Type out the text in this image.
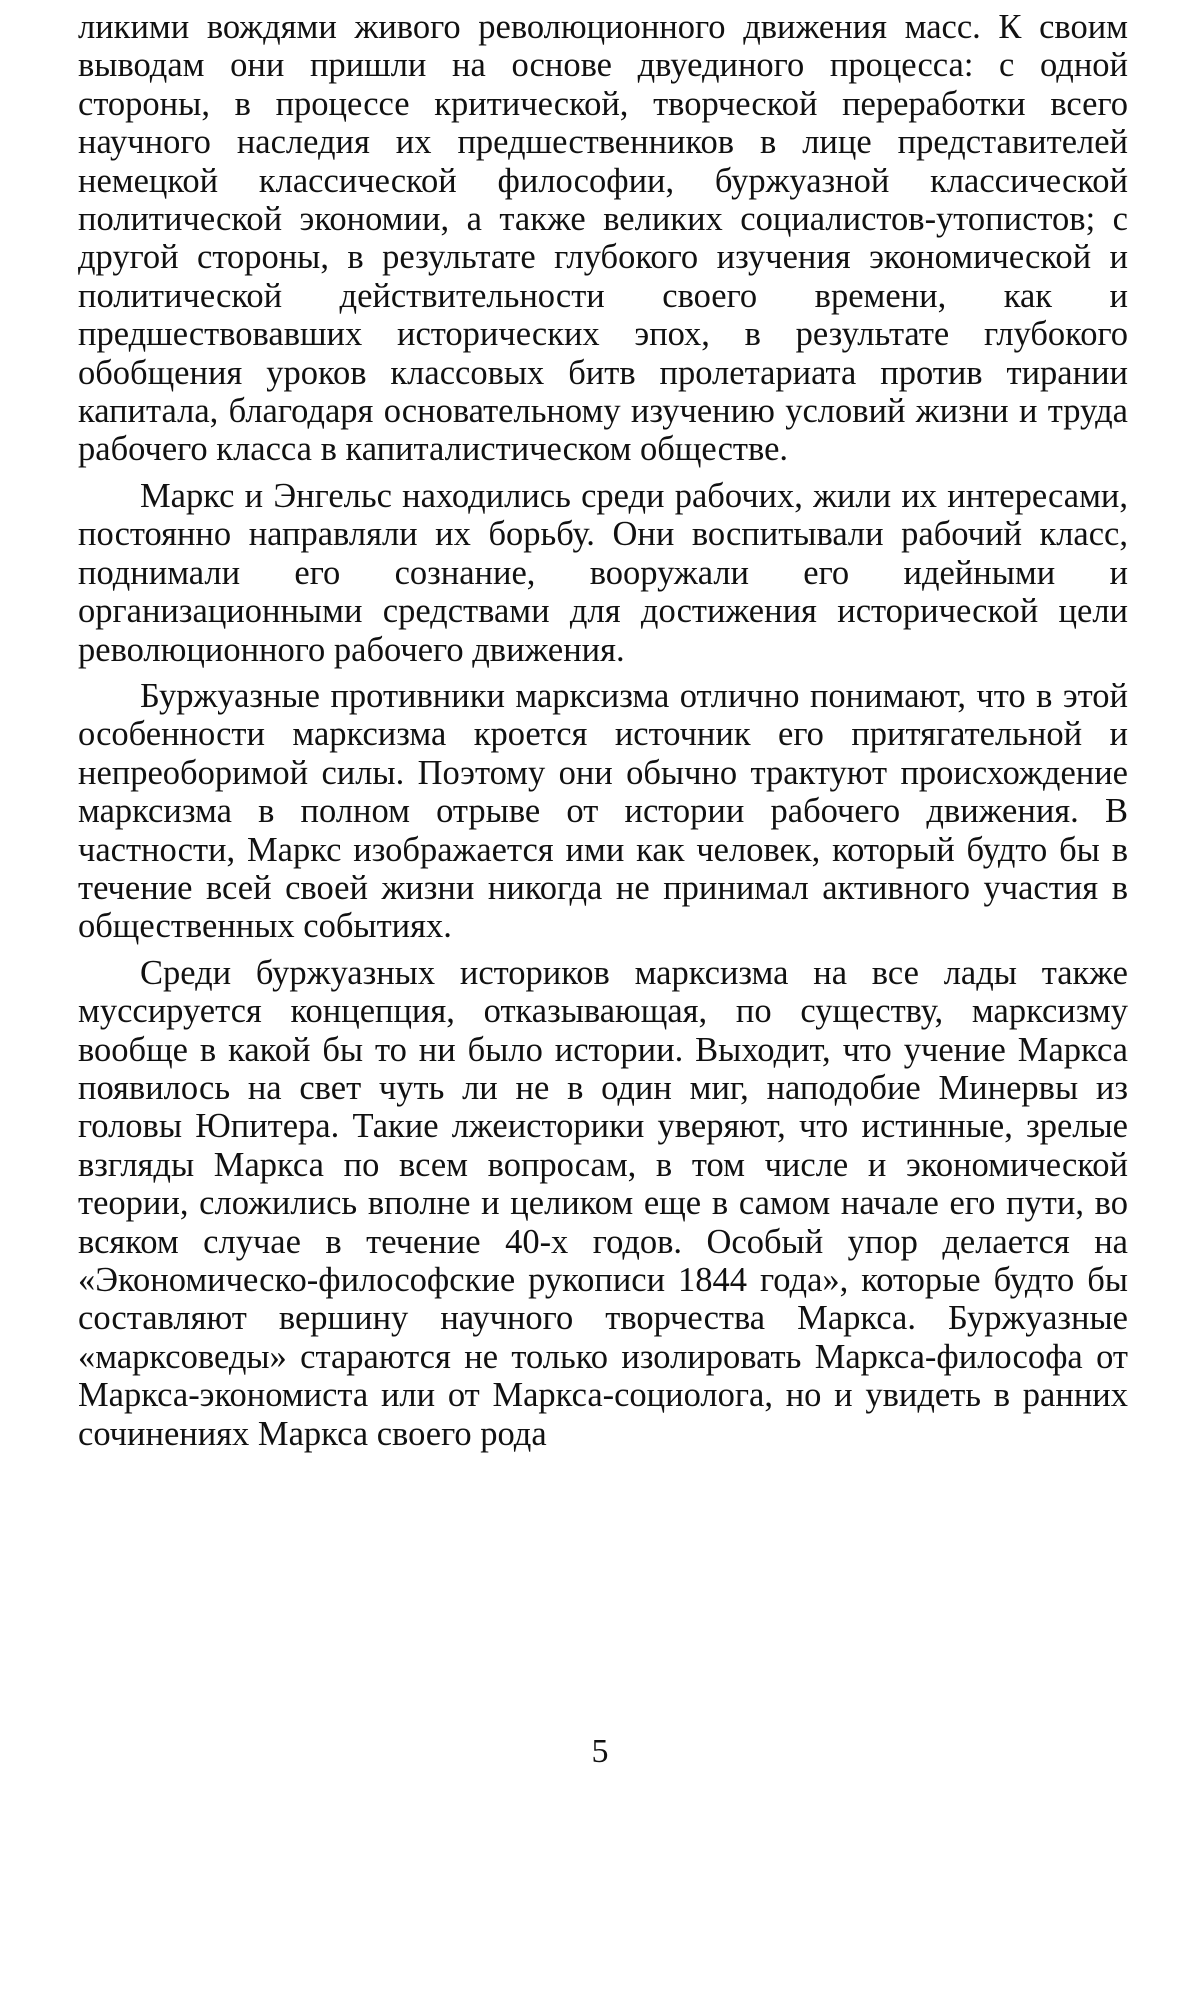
ликими вождями живого революционного движения масс. К своим выводам они пришли на основе двуединого процесса: с одной стороны, в процессе критической, творческой переработки всего научного наследия их предшественников в лице представителей немецкой классической философии, буржуазной классической политической экономии, а также великих социалистов-утопистов; с другой стороны, в результате глубокого изучения экономической и политической действительности своего времени, как и предшествовавших исторических эпох, в результате глубокого обобщения уроков классовых битв пролетариата против тирании капитала, благодаря основательному изучению условий жизни и труда рабочего класса в капиталистическом обществе.

Маркс и Энгельс находились среди рабочих, жили их интересами, постоянно направляли их борьбу. Они воспитывали рабочий класс, поднимали его сознание, вооружали его идейными и организационными средствами для достижения исторической цели революционного рабочего движения.

Буржуазные противники марксизма отлично понимают, что в этой особенности марксизма кроется источник его притягательной и непреоборимой силы. Поэтому они обычно трактуют происхождение марксизма в полном отрыве от истории рабочего движения. В частности, Маркс изображается ими как человек, который будто бы в течение всей своей жизни никогда не принимал активного участия в общественных событиях.

Среди буржуазных историков марксизма на все лады также муссируется концепция, отказывающая, по существу, марксизму вообще в какой бы то ни было истории. Выходит, что учение Маркса появилось на свет чуть ли не в один миг, наподобие Минервы из головы Юпитера. Такие лжеисторики уверяют, что истинные, зрелые взгляды Маркса по всем вопросам, в том числе и экономической теории, сложились вполне и целиком еще в самом начале его пути, во всяком случае в течение 40-х годов. Особый упор делается на «Экономическо-философские рукописи 1844 года», которые будто бы составляют вершину научного творчества Маркса. Буржуазные «марксоведы» стараются не только изолировать Маркса-философа от Маркса-экономиста или от Маркса-социолога, но и увидеть в ранних сочинениях Маркса своего рода

5
